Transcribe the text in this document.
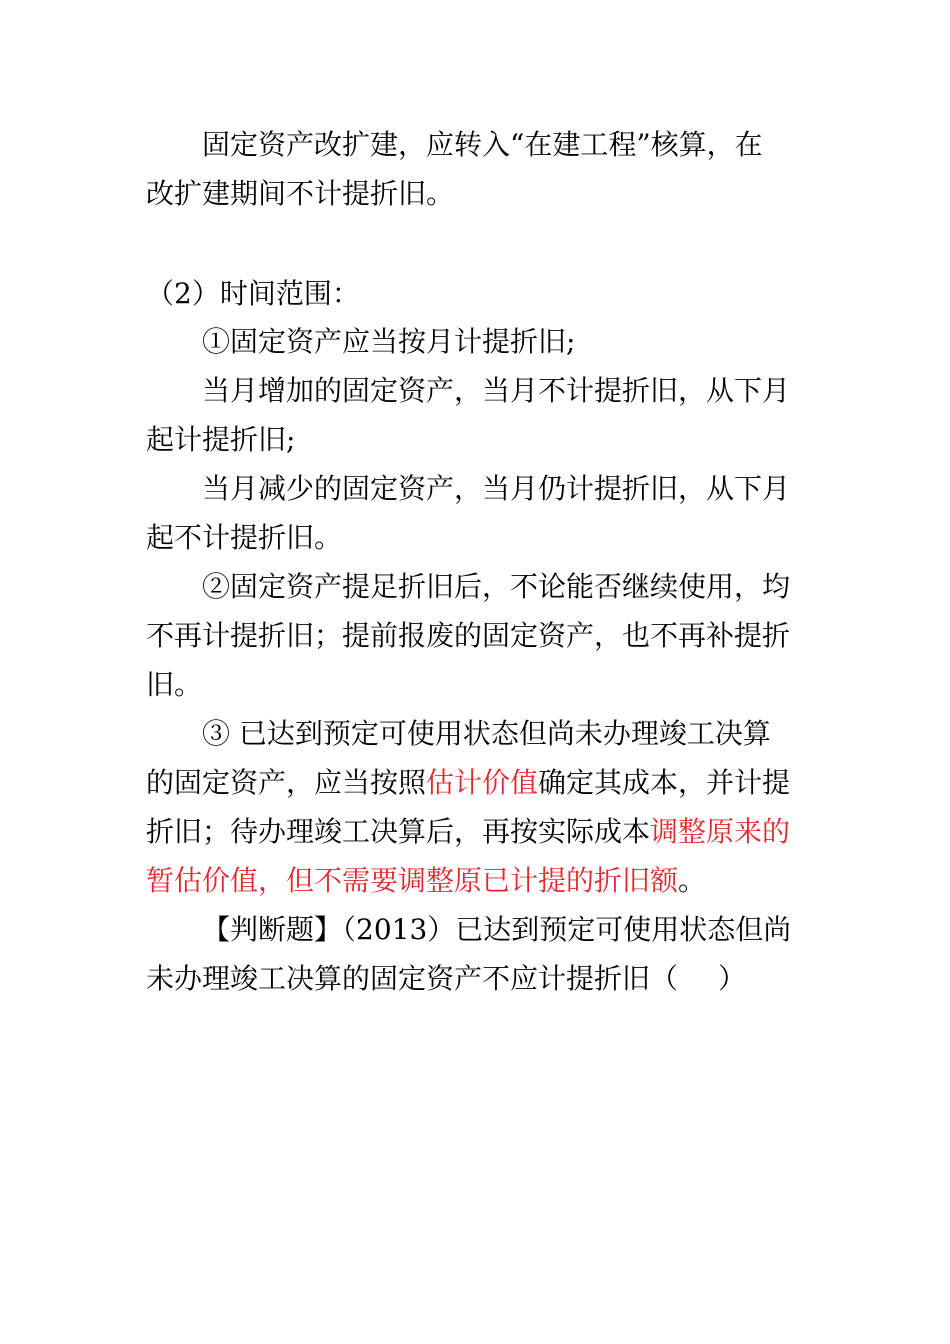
固定资产改扩建，应转入“在建工程”核算，在
改扩建期间不计提折旧。
（2）时间范围：
①固定资产应当按月计提折旧;
当月增加的固定资产，当月不计提折旧，从下月
起计提折旧;
当月减少的固定资产，当月仍计提折旧，从下月
起不计提折旧。
②固定资产提足折旧后，不论能否继续使用，均
不再计提折旧；提前报废的固定资产，也不再补提折
旧。
③ 已达到预定可使用状态但尚未办理竣工决算
的固定资产，应当按照估计价值确定其成本，并计提
折旧；待办理竣工决算后，再按实际成本调整原来的
暂估价值，但不需要调整原已计提的折旧额。
【判断题】（2013）已达到预定可使用状态但尚
未办理竣工决算的固定资产不应计提折旧（ ）
